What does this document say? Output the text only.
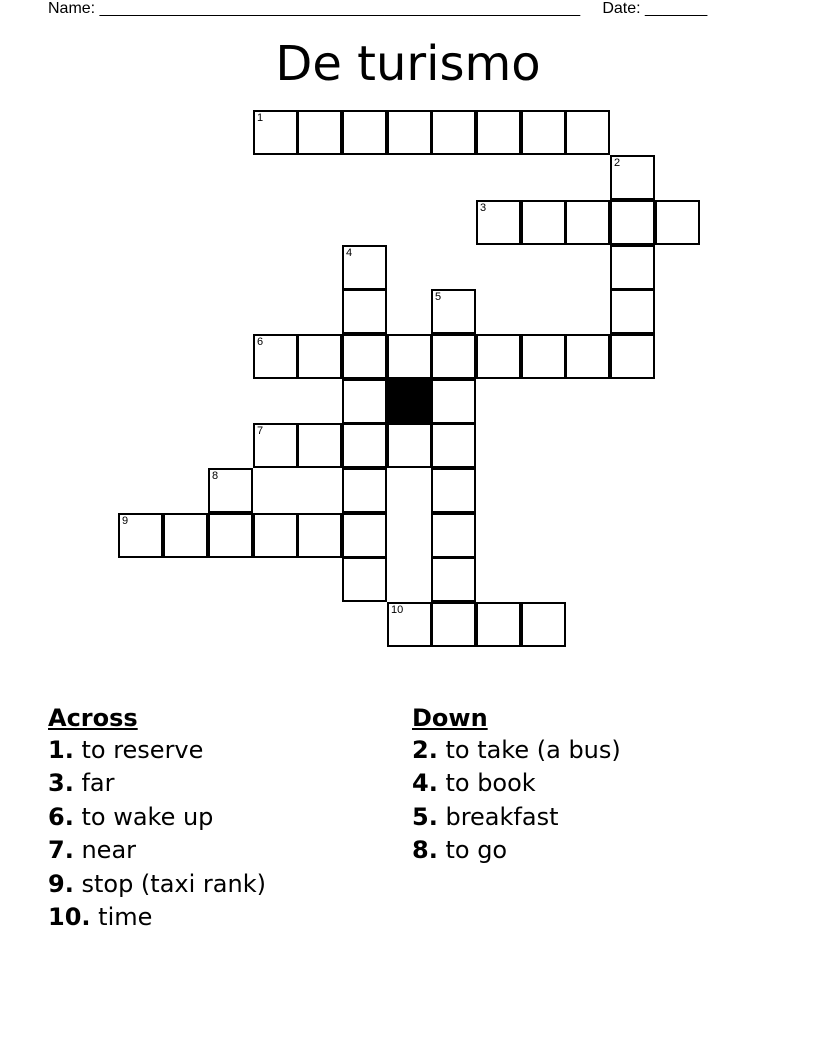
Name: ______________________________________________________ Date: _______
De turismo
1
2
3
4
5
6
7
8
9
10
Across
1. to reserve
3. far
6. to wake up
7. near
9. stop (taxi rank)
10. time
Down
2. to take (a bus)
4. to book
5. breakfast
8. to go
